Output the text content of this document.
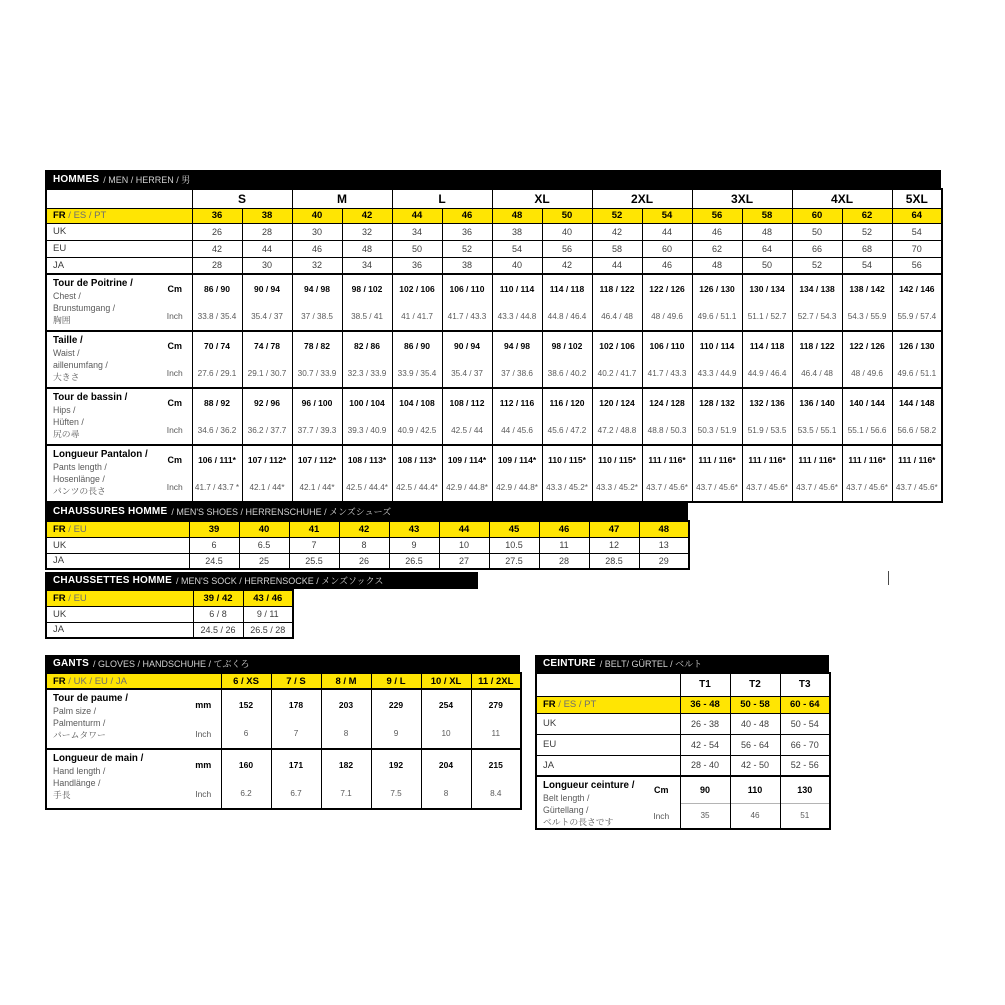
HOMMES / MEN / HERREN / 男
		S		M		L		XL		2XL		3XL		4XL		5XL
FR / ES / PT		36	38	40	42	44	46	48	50	52	54	56	58	60	62	64
UK		26	28	30	32	34	36	38	40	42	44	46	48	50	52	54
EU		42	44	46	48	50	52	54	56	58	60	62	64	66	68	70
JA		28	30	32	34	36	38	40	42	44	46	48	50	52	54	56

Tour de Poitrine /
Chest /
Brunstumgang /
胸囲	Cm	86 / 90	90 / 94	94 / 98	98 / 102	102 / 106	106 / 110	110 / 114	114 / 118	118 / 122	122 / 126	126 / 130	130 / 134	134 / 138	138 / 142	142 / 146
	Inch	33.8 / 35.4	35.4 / 37	37 / 38.5	38.5 / 41	41 / 41.7	41.7 / 43.3	43.3 / 44.8	44.8 / 46.4	46.4 / 48	48 / 49.6	49.6 / 51.1	51.1 / 52.7	52.7 / 54.3	54.3 / 55.9	55.9 / 57.4

Taille /
Waist /
aillenumfang /
大きさ	Cm	70 / 74	74 / 78	78 / 82	82 / 86	86 / 90	90 / 94	94 / 98	98 / 102	102 / 106	106 / 110	110 / 114	114 / 118	118 / 122	122 / 126	126 / 130
	Inch	27.6 / 29.1	29.1 / 30.7	30.7 / 33.9	32.3 / 33.9	33.9 / 35.4	35.4 / 37	37 / 38.6	38.6 / 40.2	40.2 / 41.7	41.7 / 43.3	43.3 / 44.9	44.9 / 46.4	46.4 / 48	48 / 49.6	49.6 / 51.1

Tour de bassin /
Hips /
Hüften /
尻の尋	Cm	88 / 92	92 / 96	96 / 100	100 / 104	104 / 108	108 / 112	112 / 116	116 / 120	120 / 124	124 / 128	128 / 132	132 / 136	136 / 140	140 / 144	144 / 148
	Inch	34.6 / 36.2	36.2 / 37.7	37.7 / 39.3	39.3 / 40.9	40.9 / 42.5	42.5 / 44	44 / 45.6	45.6 / 47.2	47.2 / 48.8	48.8 / 50.3	50.3 / 51.9	51.9 / 53.5	53.5 / 55.1	55.1 / 56.6	56.6 / 58.2

Longueur Pantalon /
Pants length /
Hosenlänge /
パンツの長さ	Cm	106 / 111*	107 / 112*	107 / 112*	108 / 113*	108 / 113*	109 / 114*	109 / 114*	110 / 115*	110 / 115*	111 / 116*	111 / 116*	111 / 116*	111 / 116*	111 / 116*	111 / 116*
	Inch	41.7 / 43.7 *	42.1 / 44*	42.1 / 44*	42.5 / 44.4*	42.5 / 44.4*	42.9 / 44.8*	42.9 / 44.8*	43.3 / 45.2*	43.3 / 45.2*	43.7 / 45.6*	43.7 / 45.6*	43.7 / 45.6*	43.7 / 45.6*	43.7 / 45.6*	43.7 / 45.6*
CHAUSSURES HOMME / MEN'S SHOES / HERRENSCHUHE / メンズシューズ
FR / EU	39	40	41	42	43	44	45	46	47	48
UK	6	6.5	7	8	9	10	10.5	11	12	13
JA	24.5	25	25.5	26	26.5	27	27.5	28	28.5	29
CHAUSSETTES HOMME / MEN'S SOCK / HERRENSOCKE / メンズソックス
FR / EU	39 / 42	43 / 46
UK	6 / 8	9 / 11
JA	24.5 / 26	26.5 / 28
GANTS / GLOVES / HANDSCHUHE / てぶくろ
FR / UK / EU / JA		6 / XS	7 / S	8 / M	9 / L	10 / XL	11 / 2XL

Tour de paume /
Palm size /
Palmenturm /
パームタワー	mm	152	178	203	229	254	279
	Inch	6	7	8	9	10	11

Longueur de main /
Hand length /
Handlänge /
手長	mm	160	171	182	192	204	215
	Inch	6.2	6.7	7.1	7.5	8	8.4
CEINTURE / BELT/ GÜRTEL / ベルト
		T1	T2	T3
FR / ES / PT		36 - 48	50 - 58	60 - 64
UK		26 - 38	40 - 48	50 - 54
EU		42 - 54	56 - 64	66 - 70
JA		28 - 40	42 - 50	52 - 56

Longueur ceinture /
Belt length /
Gürtellang /
ベルトの長さです	Cm	90	110	130
	Inch	35	46	51
